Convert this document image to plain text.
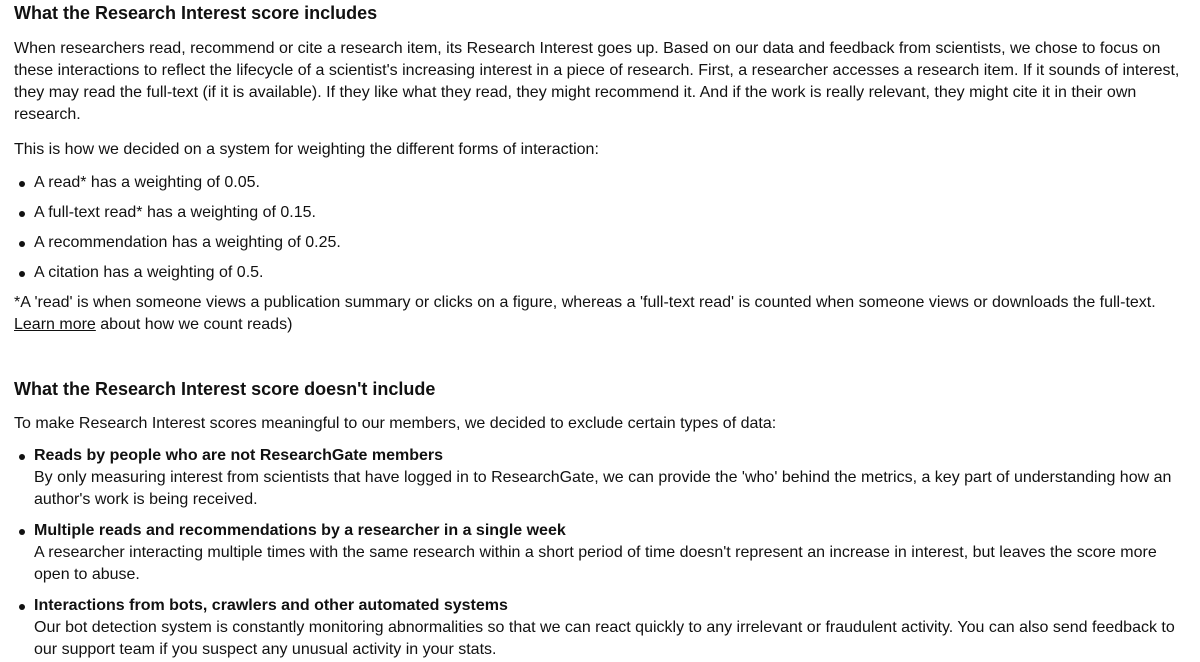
What the Research Interest score includes

When researchers read, recommend or cite a research item, its Research Interest goes up. Based on our data and feedback from scientists, we chose to focus on these interactions to reflect the lifecycle of a scientist's increasing interest in a piece of research. First, a researcher accesses a research item. If it sounds of interest, they may read the full-text (if it is available). If they like what they read, they might recommend it. And if the work is really relevant, they might cite it in their own research.

This is how we decided on a system for weighting the different forms of interaction:

A read* has a weighting of 0.05.
A full-text read* has a weighting of 0.15.
A recommendation has a weighting of 0.25.
A citation has a weighting of 0.5.

*A 'read' is when someone views a publication summary or clicks on a figure, whereas a 'full-text read' is counted when someone views or downloads the full-text. Learn more about how we count reads)

What the Research Interest score doesn't include

To make Research Interest scores meaningful to our members, we decided to exclude certain types of data:

Reads by people who are not ResearchGate members
By only measuring interest from scientists that have logged in to ResearchGate, we can provide the 'who' behind the metrics, a key part of understanding how an author's work is being received.
Multiple reads and recommendations by a researcher in a single week
A researcher interacting multiple times with the same research within a short period of time doesn't represent an increase in interest, but leaves the score more open to abuse.
Interactions from bots, crawlers and other automated systems
Our bot detection system is constantly monitoring abnormalities so that we can react quickly to any irrelevant or fraudulent activity. You can also send feedback to our support team if you suspect any unusual activity in your stats.
